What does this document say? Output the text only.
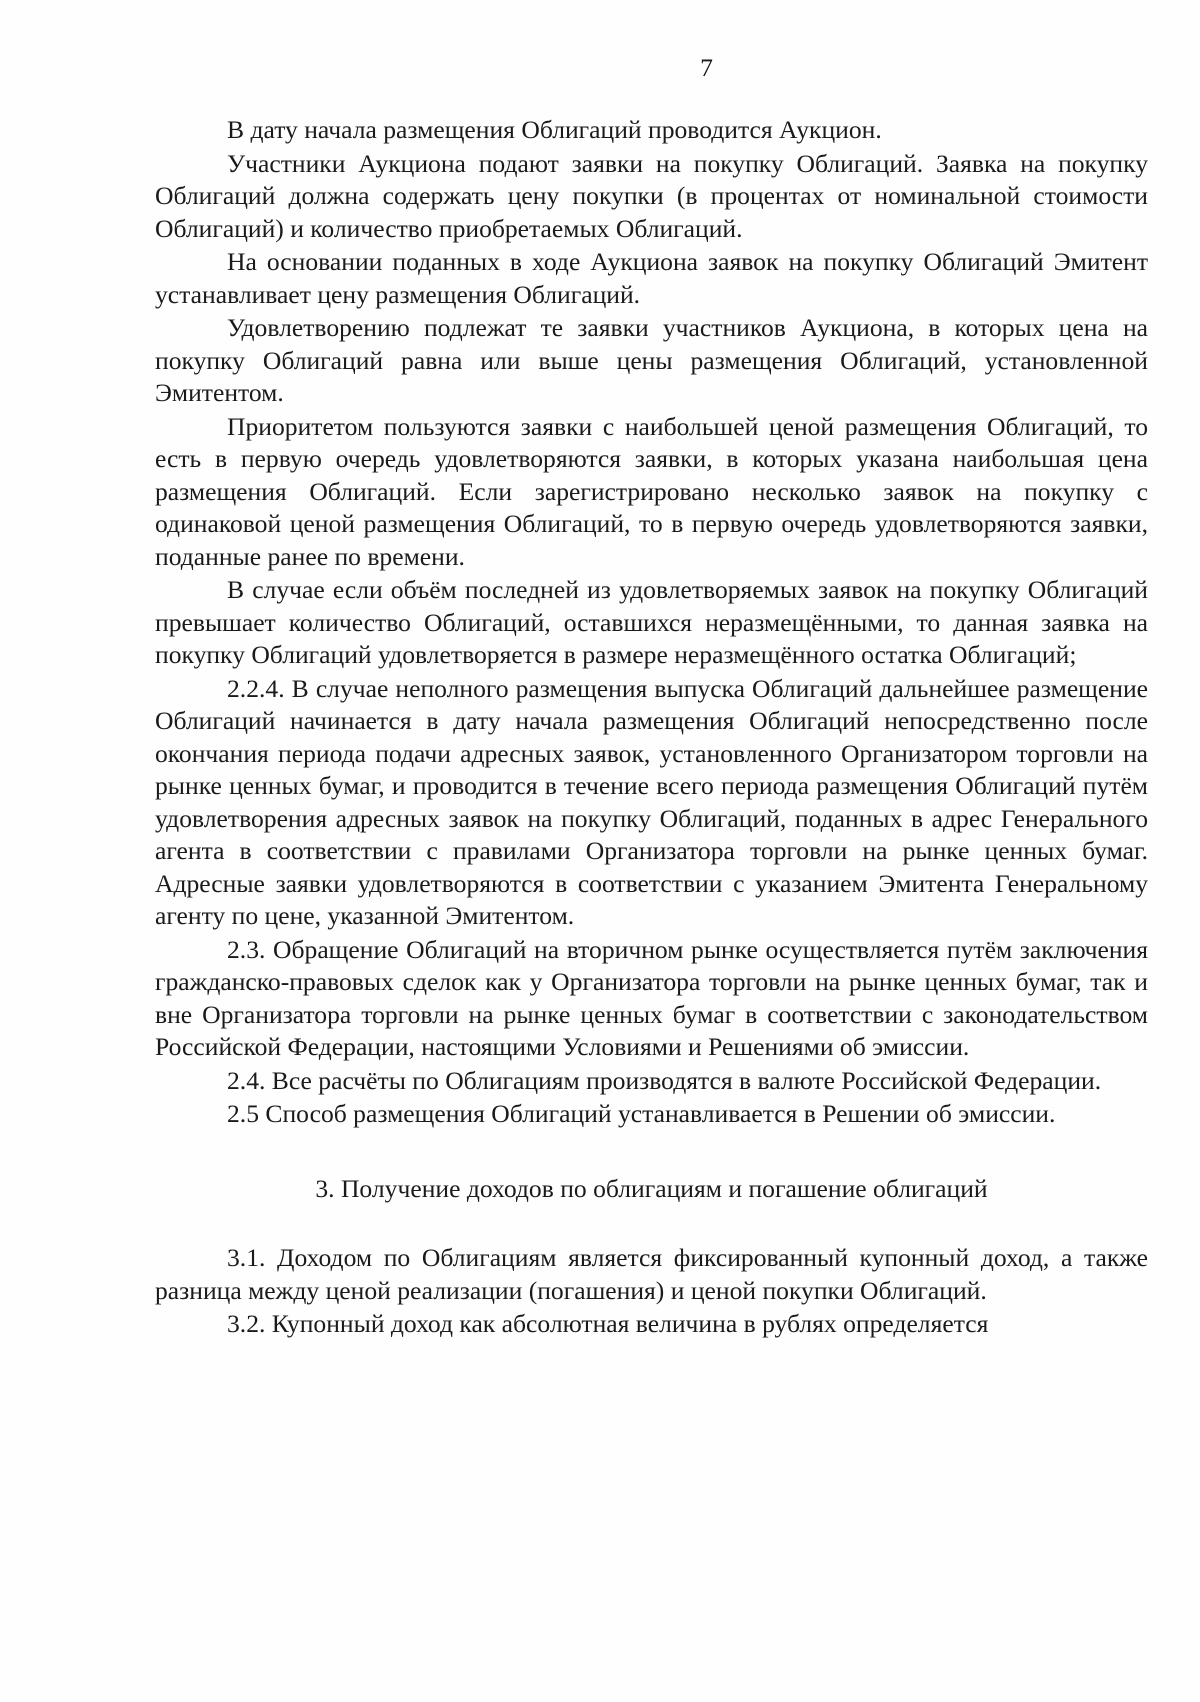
7

В дату начала размещения Облигаций проводится Аукцион.

Участники Аукциона подают заявки на покупку Облигаций. Заявка на покупку Облигаций должна содержать цену покупки (в процентах от номинальной стоимости Облигаций) и количество приобретаемых Облигаций.

На основании поданных в ходе Аукциона заявок на покупку Облигаций Эмитент устанавливает цену размещения Облигаций.

Удовлетворению подлежат те заявки участников Аукциона, в которых цена на покупку Облигаций равна или выше цены размещения Облигаций, установленной Эмитентом.

Приоритетом пользуются заявки с наибольшей ценой размещения Облигаций, то есть в первую очередь удовлетворяются заявки, в которых указана наибольшая цена размещения Облигаций. Если зарегистрировано несколько заявок на покупку с одинаковой ценой размещения Облигаций, то в первую очередь удовлетворяются заявки, поданные ранее по времени.

В случае если объём последней из удовлетворяемых заявок на покупку Облигаций превышает количество Облигаций, оставшихся неразмещёнными, то данная заявка на покупку Облигаций удовлетворяется в размере неразмещённого остатка Облигаций;

2.2.4. В случае неполного размещения выпуска Облигаций дальнейшее размещение Облигаций начинается в дату начала размещения Облигаций непосредственно после окончания периода подачи адресных заявок, установленного Организатором торговли на рынке ценных бумаг, и проводится в течение всего периода размещения Облигаций путём удовлетворения адресных заявок на покупку Облигаций, поданных в адрес Генерального агента в соответствии с правилами Организатора торговли на рынке ценных бумаг. Адресные заявки удовлетворяются в соответствии с указанием Эмитента Генеральному агенту по цене, указанной Эмитентом.

2.3. Обращение Облигаций на вторичном рынке осуществляется путём заключения гражданско-правовых сделок как у Организатора торговли на рынке ценных бумаг, так и вне Организатора торговли на рынке ценных бумаг в соответствии с законодательством Российской Федерации, настоящими Условиями и Решениями об эмиссии.

2.4. Все расчёты по Облигациям производятся в валюте Российской Федерации.

2.5 Способ размещения Облигаций устанавливается в Решении об эмиссии.

3. Получение доходов по облигациям и погашение облигаций

3.1. Доходом по Облигациям является фиксированный купонный доход, а также разница между ценой реализации (погашения) и ценой покупки Облигаций.

3.2. Купонный доход как абсолютная величина в рублях определяется
